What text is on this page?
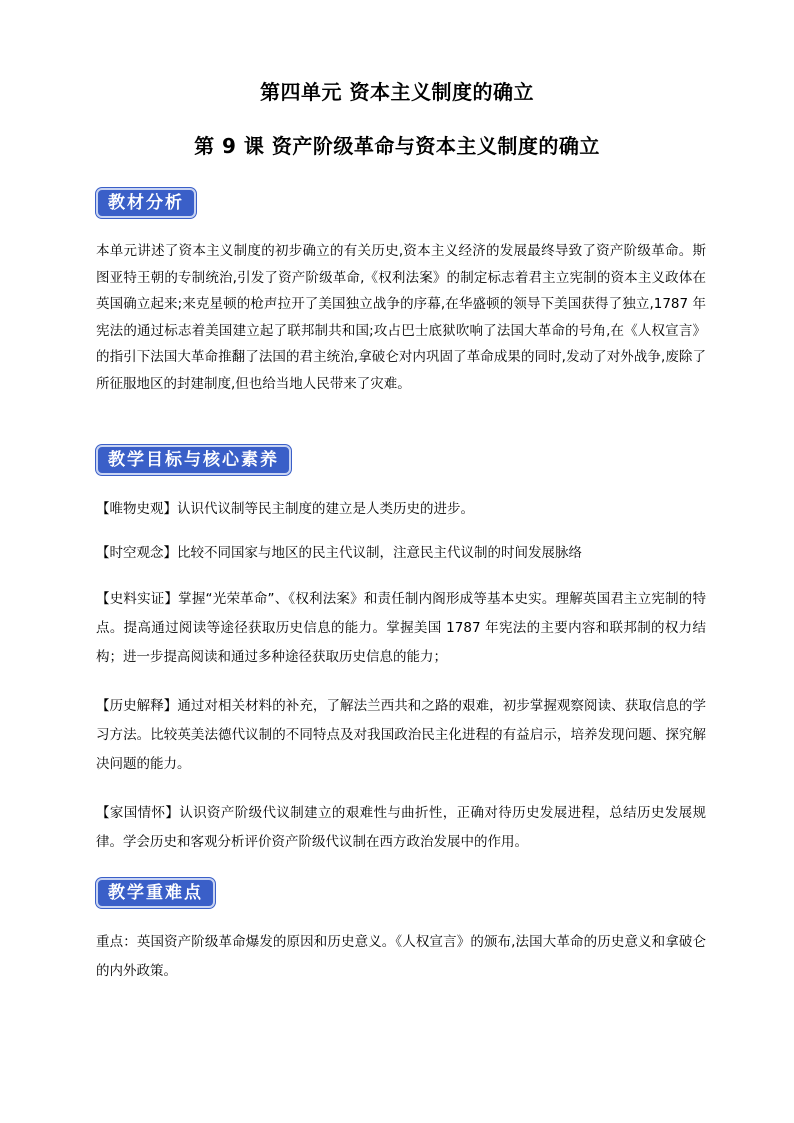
第四单元 资本主义制度的确立
第 9 课 资产阶级革命与资本主义制度的确立
教材分析
本单元讲述了资本主义制度的初步确立的有关历史,资本主义经济的发展最终导致了资产阶级革命。斯图亚特王朝的专制统治,引发了资产阶级革命,《权利法案》的制定标志着君主立宪制的资本主义政体在英国确立起来;来克星顿的枪声拉开了美国独立战争的序幕,在华盛顿的领导下美国获得了独立,1787 年宪法的通过标志着美国建立起了联邦制共和国;攻占巴士底狱吹响了法国大革命的号角,在《人权宣言》的指引下法国大革命推翻了法国的君主统治,拿破仑对内巩固了革命成果的同时,发动了对外战争,废除了所征服地区的封建制度,但也给当地人民带来了灾难。
教学目标与核心素养
【唯物史观】认识代议制等民主制度的建立是人类历史的进步。
【时空观念】比较不同国家与地区的民主代议制，注意民主代议制的时间发展脉络
【史料实证】掌握“光荣革命”、《权利法案》和责任制内阁形成等基本史实。理解英国君主立宪制的特点。提高通过阅读等途径获取历史信息的能力。掌握美国 1787 年宪法的主要内容和联邦制的权力结构；进一步提高阅读和通过多种途径获取历史信息的能力；
【历史解释】通过对相关材料的补充，了解法兰西共和之路的艰难，初步掌握观察阅读、获取信息的学习方法。比较英美法德代议制的不同特点及对我国政治民主化进程的有益启示，培养发现问题、探究解决问题的能力。
【家国情怀】认识资产阶级代议制建立的艰难性与曲折性，正确对待历史发展进程，总结历史发展规律。学会历史和客观分析评价资产阶级代议制在西方政治发展中的作用。
教学重难点
重点：英国资产阶级革命爆发的原因和历史意义。《人权宣言》的颁布,法国大革命的历史意义和拿破仑的内外政策。
